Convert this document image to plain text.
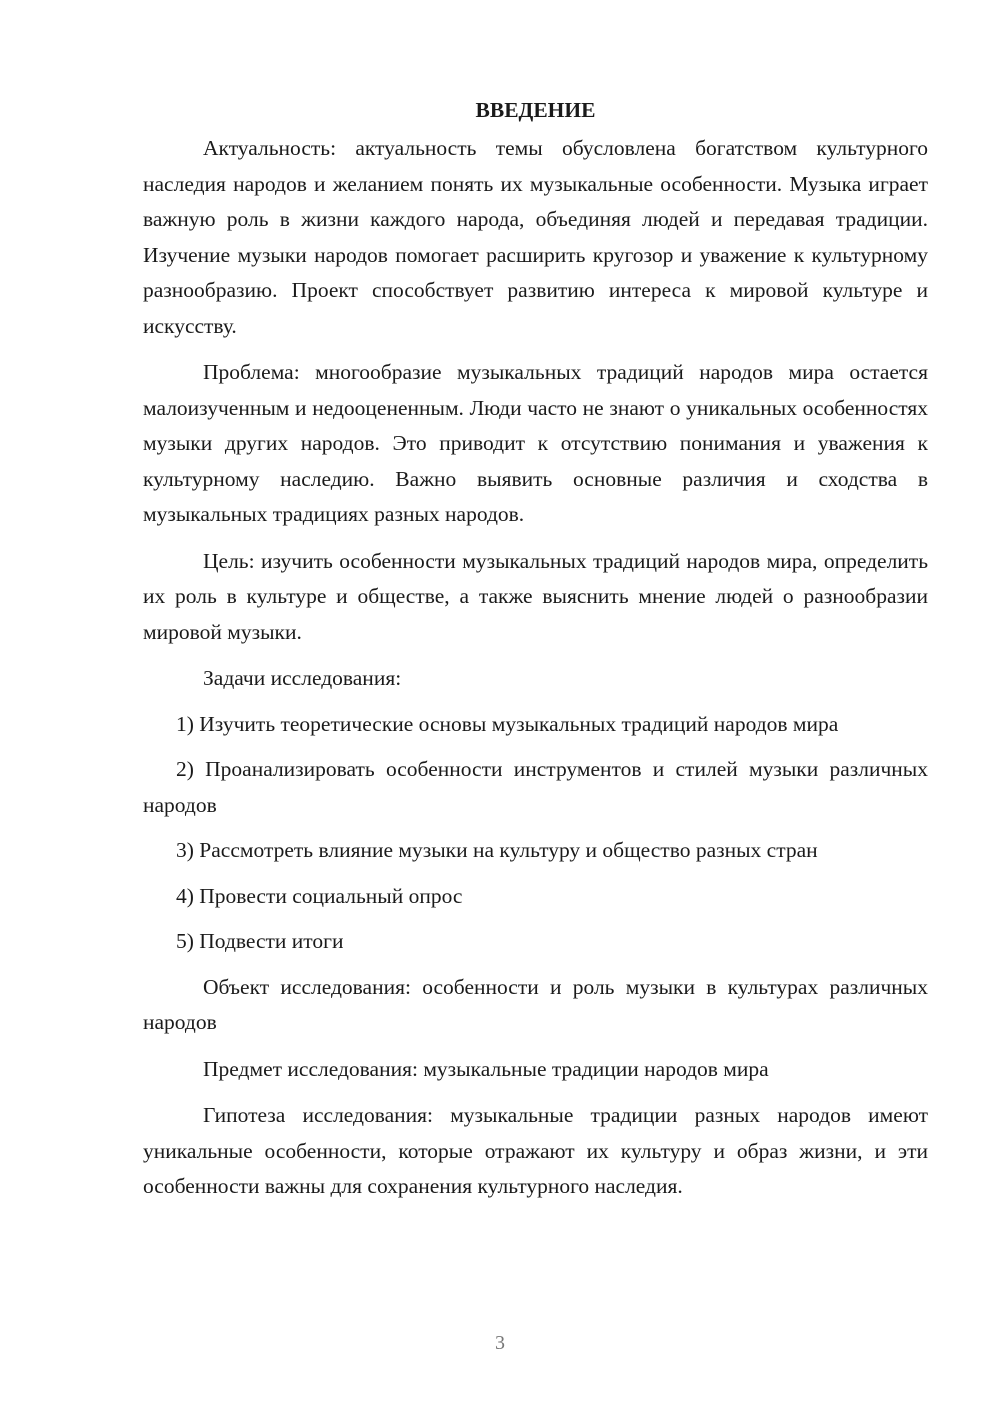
ВВЕДЕНИЕ

Актуальность: актуальность темы обусловлена богатством культурного наследия народов и желанием понять их музыкальные особенности. Музыка играет важную роль в жизни каждого народа, объединяя людей и передавая традиции. Изучение музыки народов помогает расширить кругозор и уважение к культурному разнообразию. Проект способствует развитию интереса к мировой культуре и искусству.

Проблема: многообразие музыкальных традиций народов мира остается малоизученным и недооцененным. Люди часто не знают о уникальных особенностях музыки других народов. Это приводит к отсутствию понимания и уважения к культурному наследию. Важно выявить основные различия и сходства в музыкальных традициях разных народов.

Цель: изучить особенности музыкальных традиций народов мира, определить их роль в культуре и обществе, а также выяснить мнение людей о разнообразии мировой музыки.

Задачи исследования:

1) Изучить теоретические основы музыкальных традиций народов мира

2) Проанализировать особенности инструментов и стилей музыки различных народов

3) Рассмотреть влияние музыки на культуру и общество разных стран

4) Провести социальный опрос

5) Подвести итоги

Объект исследования: особенности и роль музыки в культурах различных народов

Предмет исследования: музыкальные традиции народов мира

Гипотеза исследования: музыкальные традиции разных народов имеют уникальные особенности, которые отражают их культуру и образ жизни, и эти особенности важны для сохранения культурного наследия.

3
